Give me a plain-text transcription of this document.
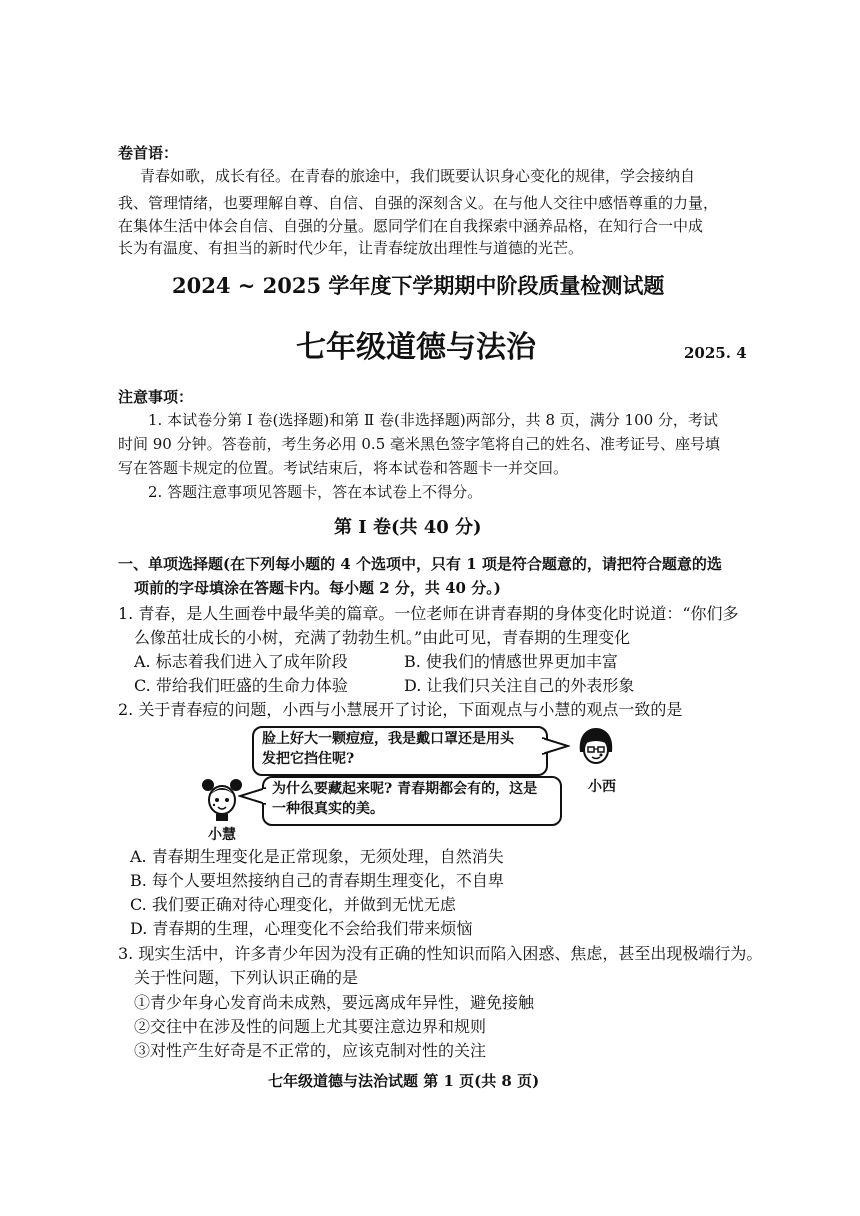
卷首语：
青春如歌，成长有径。在青春的旅途中，我们既要认识身心变化的规律，学会接纳自
我、管理情绪，也要理解自尊、自信、自强的深刻含义。在与他人交往中感悟尊重的力量，
在集体生活中体会自信、自强的分量。愿同学们在自我探索中涵养品格，在知行合一中成
长为有温度、有担当的新时代少年，让青春绽放出理性与道德的光芒。
2024 ~ 2025 学年度下学期期中阶段质量检测试题
七年级道德与法治	2025. 4
注意事项：
1. 本试卷分第 Ⅰ 卷(选择题)和第 Ⅱ 卷(非选择题)两部分，共 8 页，满分 100 分，考试
时间 90 分钟。答卷前，考生务必用 0.5 毫米黑色签字笔将自己的姓名、准考证号、座号填
写在答题卡规定的位置。考试结束后，将本试卷和答题卡一并交回。
2. 答题注意事项见答题卡，答在本试卷上不得分。
第 Ⅰ 卷(共 40 分)
一、单项选择题(在下列每小题的 4 个选项中，只有 1 项是符合题意的，请把符合题意的选
项前的字母填涂在答题卡内。每小题 2 分，共 40 分。)
1. 青春，是人生画卷中最华美的篇章。一位老师在讲青春期的身体变化时说道：“你们多
么像茁壮成长的小树，充满了勃勃生机。”由此可见，青春期的生理变化
A. 标志着我们进入了成年阶段	B. 使我们的情感世界更加丰富
C. 带给我们旺盛的生命力体验	D. 让我们只关注自己的外表形象
2. 关于青春痘的问题，小西与小慧展开了讨论，下面观点与小慧的观点一致的是
脸上好大一颗痘痘，我是戴口罩还是用头
发把它挡住呢?
小西
为什么要藏起来呢? 青春期都会有的，这是
一种很真实的美。
小慧
A. 青春期生理变化是正常现象，无须处理，自然消失
B. 每个人要坦然接纳自己的青春期生理变化，不自卑
C. 我们要正确对待心理变化，并做到无忧无虑
D. 青春期的生理，心理变化不会给我们带来烦恼
3. 现实生活中，许多青少年因为没有正确的性知识而陷入困惑、焦虑，甚至出现极端行为。
关于性问题，下列认识正确的是
①青少年身心发育尚未成熟，要远离成年异性，避免接触
②交往中在涉及性的问题上尤其要注意边界和规则
③对性产生好奇是不正常的，应该克制对性的关注
七年级道德与法治试题 第 1 页(共 8 页)
